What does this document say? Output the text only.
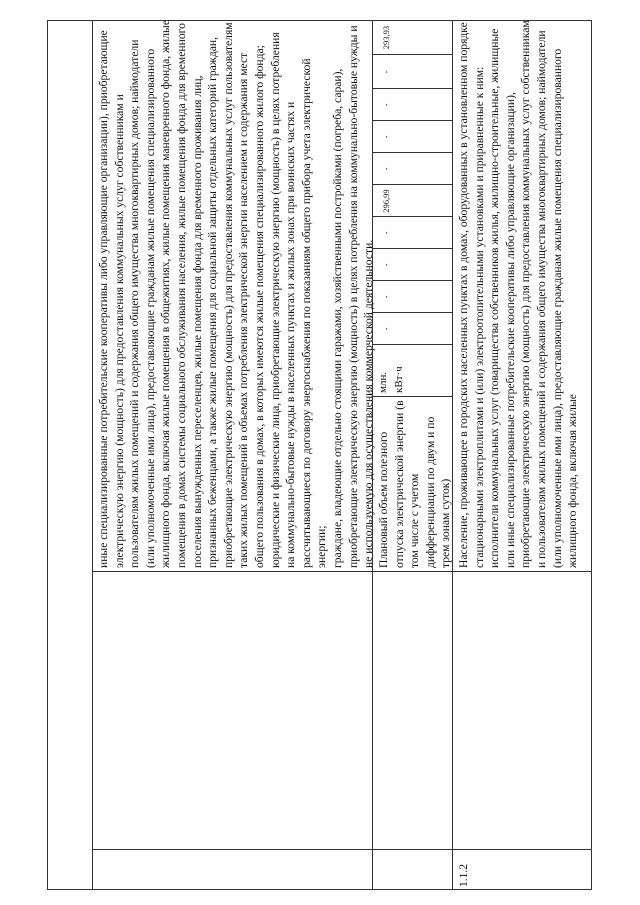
иные специализированные потребительские кооперативы либо управляющие организации), приобретающие электрическую энергию (мощность) для предоставления коммунальных услуг собственникам и пользователям жилых помещений и содержания общего имущества многоквартирных домов; наймодатели (или уполномоченные ими лица), предоставляющие гражданам жилые помещения специализированного жилищного фонда, включая жилые помещения в общежитиях, жилые помещения маневренного фонда, жилые помещения в домах системы социального обслуживания населения, жилые помещения фонда для временного поселения вынужденных переселенцев, жилые помещения фонда для временного проживания лиц, признанных беженцами, а также жилые помещения для социальной защиты отдельных категорий граждан, приобретающие электрическую энергию (мощность) для предоставления коммунальных услуг пользователям таких жилых помещений в объемах потребления электрической энергии населением и содержания мест общего пользования в домах, в которых имеются жилые помещения специализированного жилого фонда; юридические и физические лица, приобретающие электрическую энергию (мощность) в целях потребления на коммунально-бытовые нужды в населенных пунктах и жилых зонах при воинских частях и рассчитывающиеся по договору энергоснабжения по показаниям общего прибора учета электрической энергии; граждане, владеющие отдельно стоящими гаражами, хозяйственными постройками (погреба, сараи), приобретающие электрическую энергию (мощность) в целях потребления на коммунально-бытовые нужды и не используемую для осуществления коммерческой деятельности. Плановый объем полезного отпуска электрической энергии (в том числе с учетом дифференциации по двум и по трем зонам суток)
млн. кВт·ч
-
-
-
-
296,99
-
-
-
-
293,93
1.1.2

Население, проживающее в городских населенных пунктах в домах, оборудованных в установленном порядке стационарными электроплитами и (или) электроотопительными установками и приравненные к ним: исполнители коммунальных услуг (товарищества собственников жилья, жилищно-строительные, жилищные или иные специализированные потребительские кооперативы либо управляющие организации), приобретающие электрическую энергию (мощность) для предоставления коммунальных услуг собственникам и пользователям жилых помещений и содержания общего имущества многоквартирных домов; наймодатели (или уполномоченные ими лица), предоставляющие гражданам жилые помещения специализированного жилищного фонда, включая жилые
